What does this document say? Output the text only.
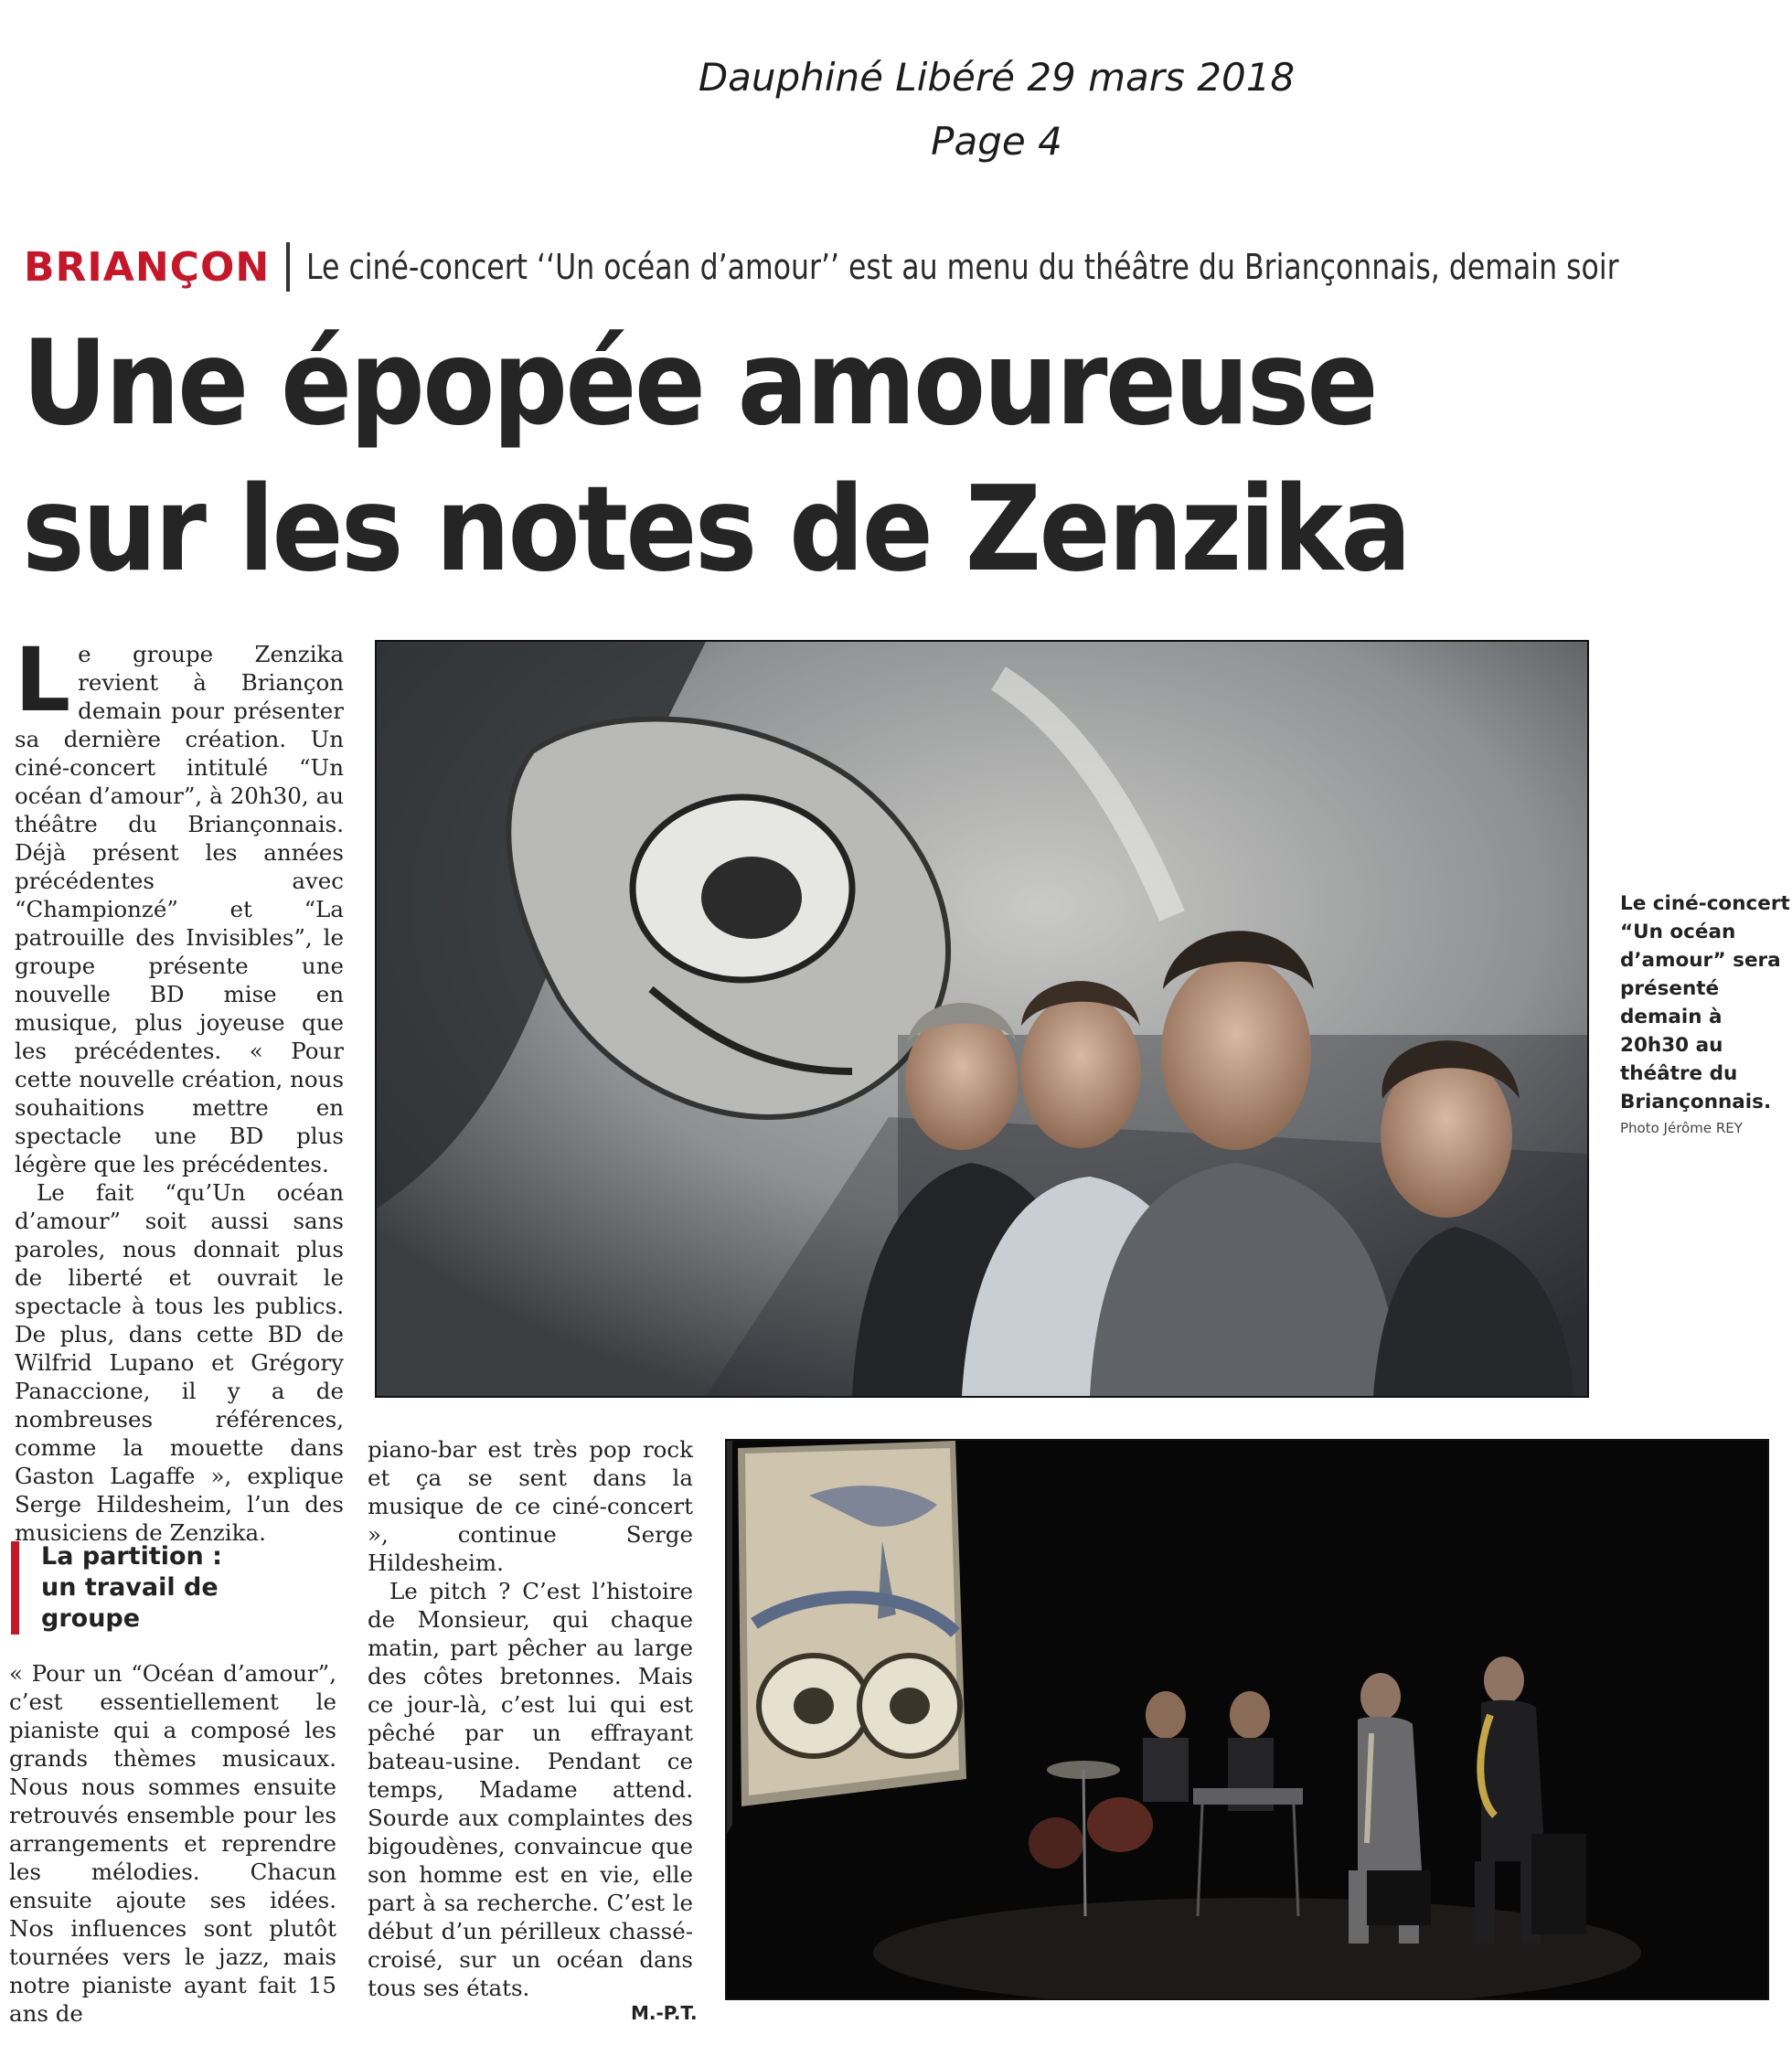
Dauphiné Libéré 29 mars 2018
Page 4
BRIANÇON Le ciné-concert ‘‘Un océan d’amour’’ est au menu du théâtre du Briançonnais, demain soir
Une épopée amoureuse
sur les notes de Zenzika

Le groupe Zenzika revient à Briançon demain pour présenter sa dernière création. Un ciné-concert intitulé “Un océan d’amour”, à 20h30, au théâtre du Briançonnais. Déjà présent les années précédentes avec “Championzé” et “La patrouille des Invisibles”, le groupe présente une nouvelle BD mise en musique, plus joyeuse que les précédentes. « Pour cette nouvelle création, nous souhaitions mettre en spectacle une BD plus légère que les précédentes.

Le fait “qu’Un océan d’amour” soit aussi sans paroles, nous donnait plus de liberté et ouvrait le spectacle à tous les publics. De plus, dans cette BD de Wilfrid Lupano et Grégory Panaccione, il y a de nombreuses références, comme la mouette dans Gaston Lagaffe », explique Serge Hildesheim, l’un des musiciens de Zenzika.

La partition : un travail de groupe

« Pour un “Océan d’amour”, c’est essentiellement le pianiste qui a composé les grands thèmes musicaux. Nous nous sommes ensuite retrouvés ensemble pour les arrangements et reprendre les mélodies. Chacun ensuite ajoute ses idées. Nos influences sont plutôt tournées vers le jazz, mais notre pianiste ayant fait 15 ans de

piano-bar est très pop rock et ça se sent dans la musique de ce ciné-concert », continue Serge Hildesheim.

Le pitch ? C’est l’histoire de Monsieur, qui chaque matin, part pêcher au large des côtes bretonnes. Mais ce jour-là, c’est lui qui est pêché par un effrayant bateau-usine. Pendant ce temps, Madame attend. Sourde aux complaintes des bigoudènes, convaincue que son homme est en vie, elle part à sa recherche. C’est le début d’un périlleux chassé-croisé, sur un océan dans tous ses états.

M.-P.T.
Le ciné-concert “Un océan d’amour” sera présenté demain à 20h30 au théâtre du Briançonnais.
Photo Jérôme REY
